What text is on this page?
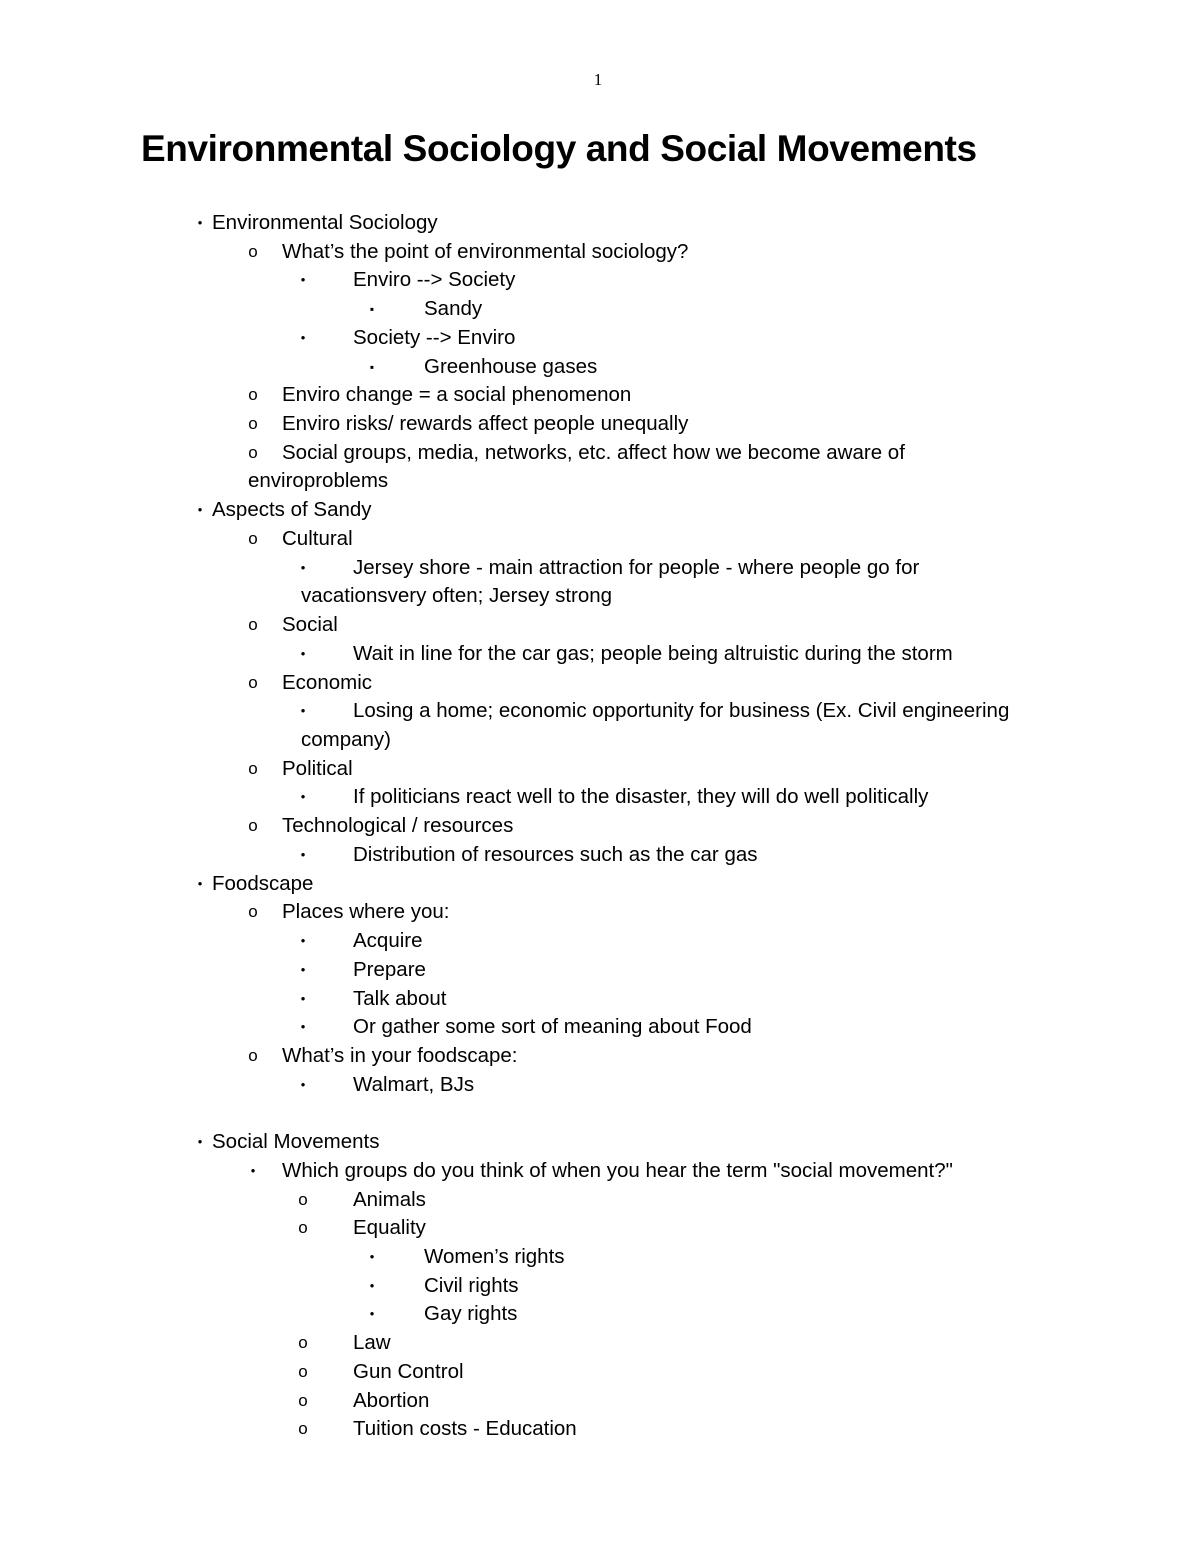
1
Environmental Sociology and Social Movements
• Environmental Sociology
o What’s the point of environmental sociology?
• Enviro --> Society
▪ Sandy
• Society --> Enviro
▪ Greenhouse gases
o Enviro change = a social phenomenon
o Enviro risks/ rewards affect people unequally
o	Social groups, media, networks, etc. affect how we become aware of
enviroproblems
• Aspects of Sandy
o Cultural
•	Jersey shore - main attraction for people - where people go for
vacationsvery often; Jersey strong
o Social
• Wait in line for the car gas; people being altruistic during the storm
o Economic
•	Losing a home; economic opportunity for business (Ex. Civil engineering
company)
o Political
• If politicians react well to the disaster, they will do well politically
o Technological / resources
• Distribution of resources such as the car gas
• Foodscape
o Places where you:
• Acquire
• Prepare
• Talk about
• Or gather some sort of meaning about Food
o What’s in your foodscape:
• Walmart, BJs
• Social Movements
• Which groups do you think of when you hear the term "social movement?"
o Animals
o Equality
• Women’s rights
• Civil rights
• Gay rights
o Law
o Gun Control
o Abortion
o Tuition costs - Education
